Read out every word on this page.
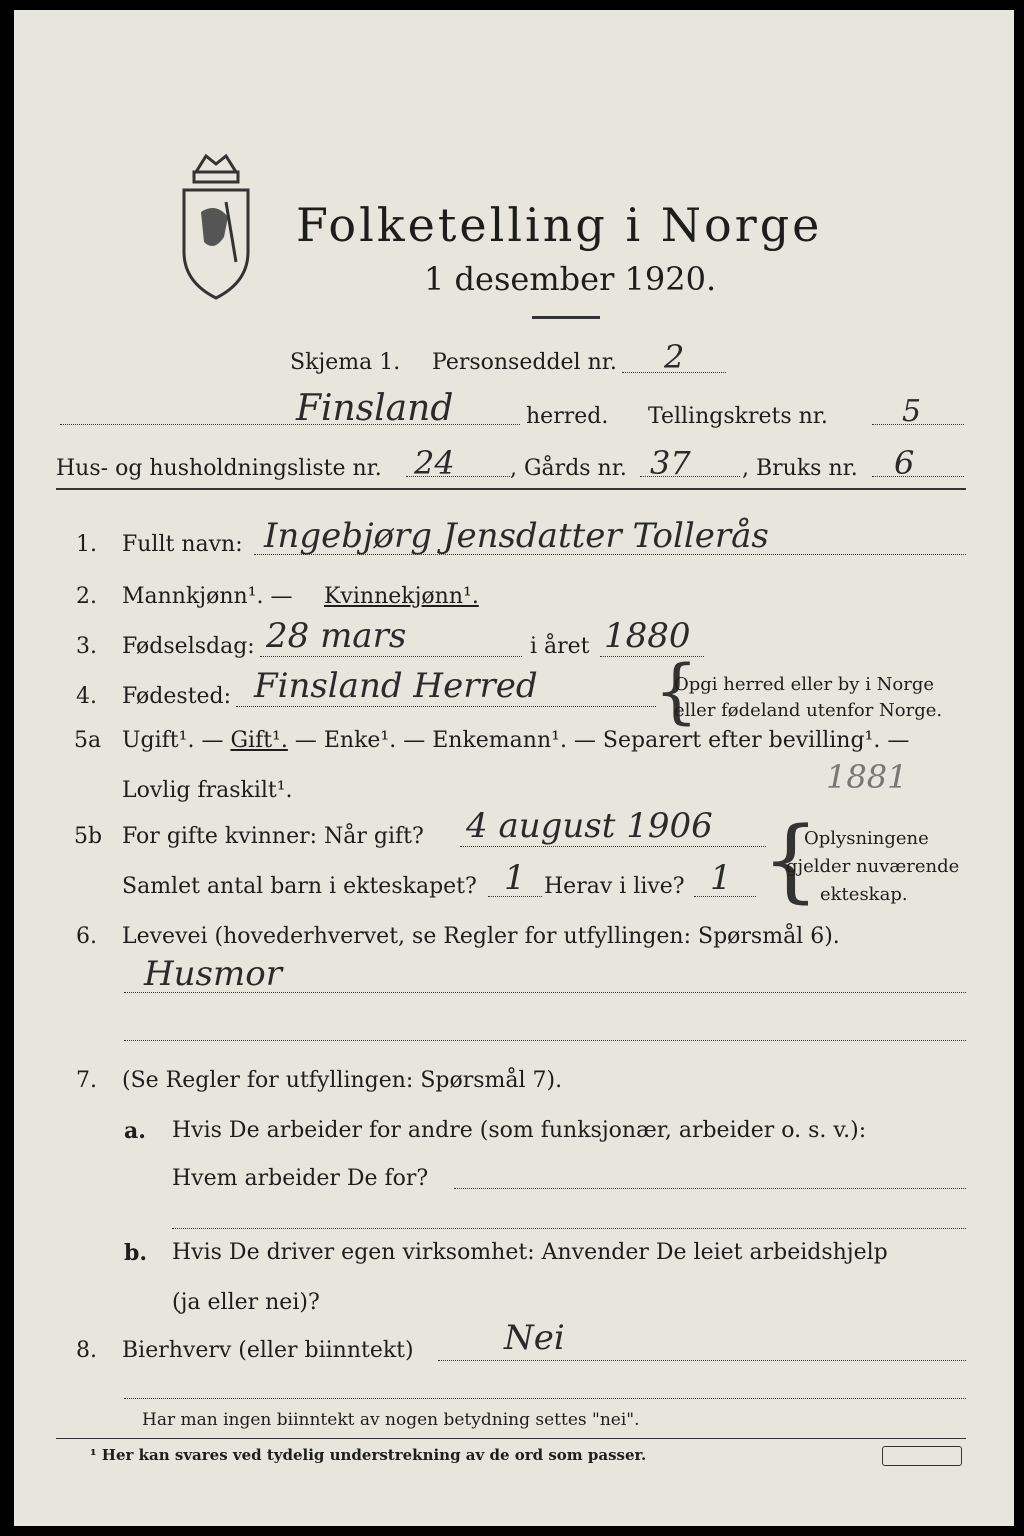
Folketelling i Norge
1 desember 1920.
Skjema 1. Personseddel nr. 2
Finsland	herred. Tellingskrets nr. 5
Hus- og husholdningsliste nr. 24	, Gårds nr. 37 , Bruks nr. 6
1. Fullt navn: Ingebjørg Jensdatter Tollerås
2. Mannkjønn¹. — Kvinnekjønn¹.
3. Fødselsdag: 28 mars	i året 1880
4. Fødested: Finsland Herred {
Opgi herred eller by i Norge
eller fødeland utenfor Norge.
5a Ugift¹. — Gift¹. — Enke¹. — Enkemann¹. — Separert efter bevilling¹. —
Lovlig fraskilt¹.	1881
5b For gifte kvinner: Når gift? 4 august 1906
Samlet antal barn i ekteskapet? 1 Herav i live? 1 {
Oplysningene
gjelder nuværende
ekteskap.
6. Levevei (hovederhvervet, se Regler for utfyllingen: Spørsmål 6).
Husmor
7. (Se Regler for utfyllingen: Spørsmål 7).
a. Hvis De arbeider for andre (som funksjonær, arbeider o. s. v.):
Hvem arbeider De for?
b. Hvis De driver egen virksomhet: Anvender De leiet arbeidshjelp
(ja eller nei)?
8. Bierhverv (eller biinntekt)	Nei
Har man ingen biinntekt av nogen betydning settes "nei".
¹ Her kan svares ved tydelig understrekning av de ord som passer.
